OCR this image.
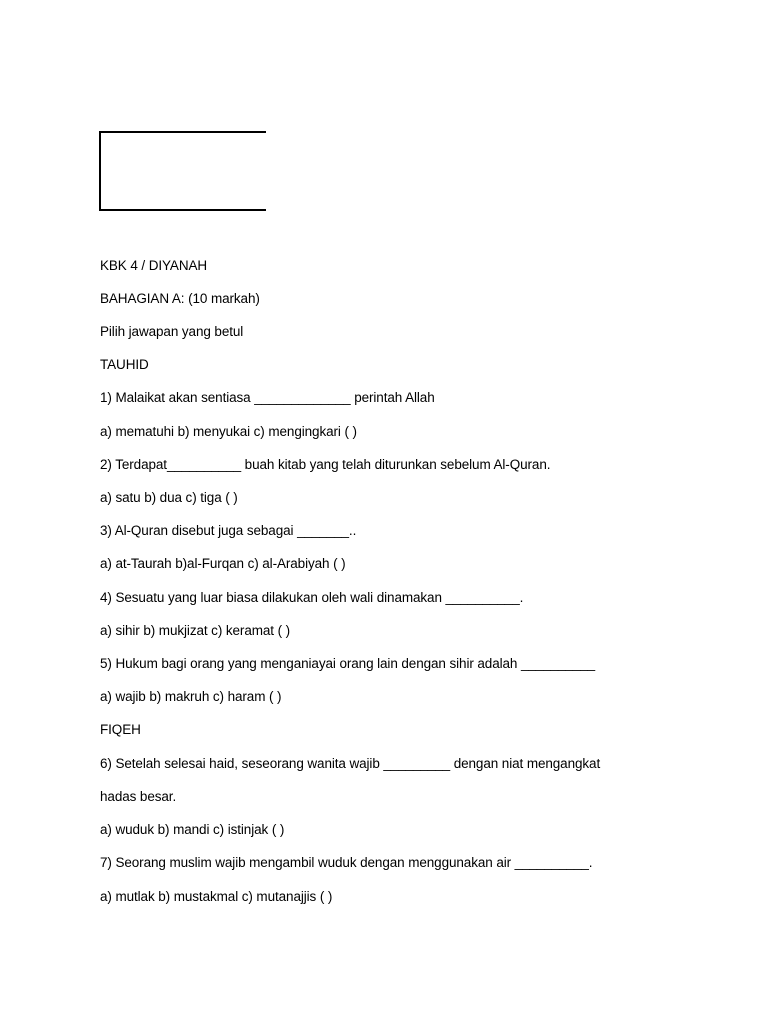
KBK 4 / DIYANAH
BAHAGIAN A: (10 markah)
Pilih jawapan yang betul
TAUHID
1) Malaikat akan sentiasa _____________ perintah Allah
a) mematuhi b) menyukai c) mengingkari ( )
2) Terdapat__________ buah kitab yang telah diturunkan sebelum Al-Quran.
a) satu b) dua c) tiga ( )
3) Al-Quran disebut juga sebagai _______..
a) at-Taurah b)al-Furqan c) al-Arabiyah ( )
4) Sesuatu yang luar biasa dilakukan oleh wali dinamakan __________.
a) sihir b) mukjizat c) keramat ( )
5) Hukum bagi orang yang menganiayai orang lain dengan sihir adalah __________
a) wajib b) makruh c) haram ( )
FIQEH
6) Setelah selesai haid, seseorang wanita wajib _________ dengan niat mengangkat
hadas besar.
a) wuduk b) mandi c) istinjak ( )
7) Seorang muslim wajib mengambil wuduk dengan menggunakan air __________.
a) mutlak b) mustakmal c) mutanajjis ( )
